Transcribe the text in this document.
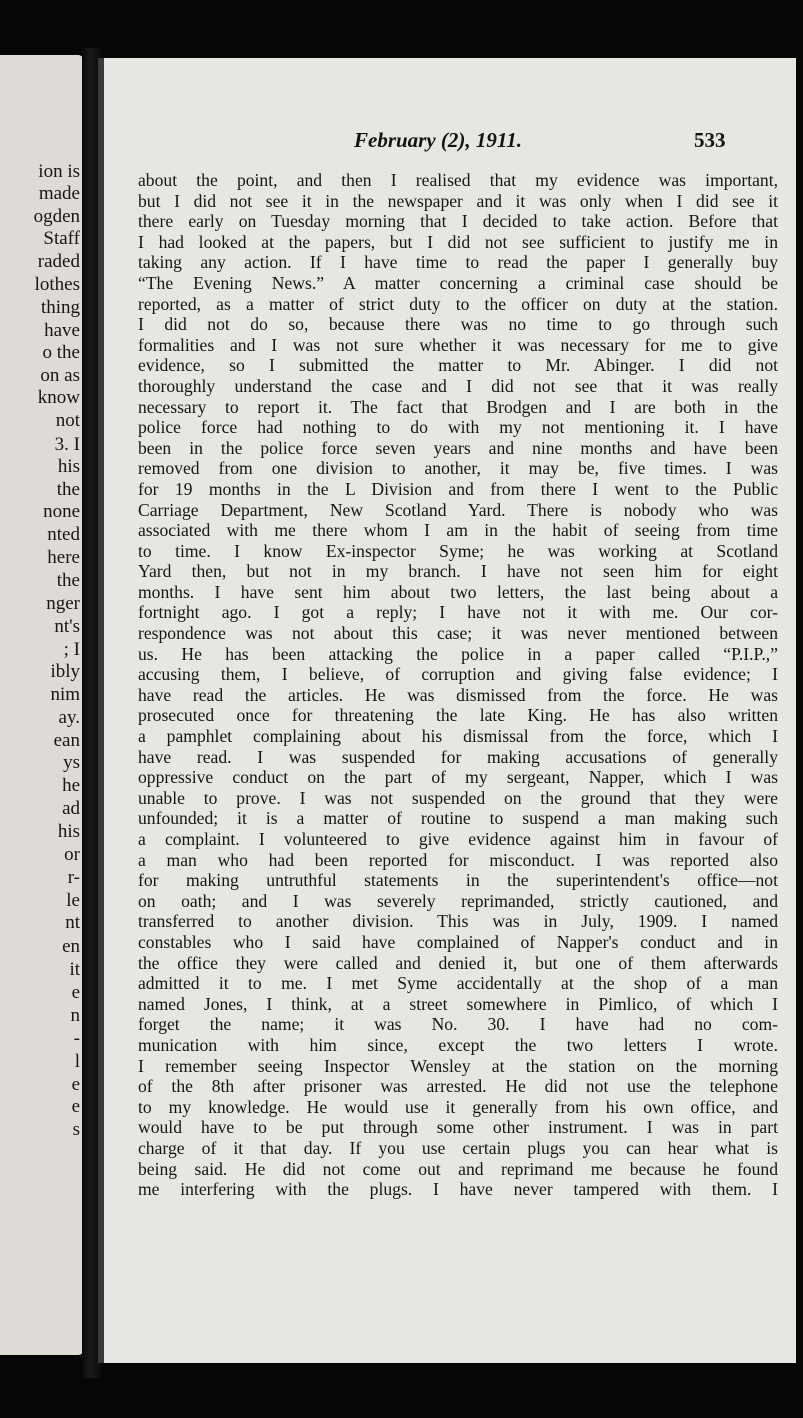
ion is

made

ogden

Staff

raded

lothes

thing

have

o the

on as

know

not

3. I

his

the

none

nted

here

the

nger

nt's

; I

ibly

nim

ay.

ean

ys

he

ad

his

or

r-

le

nt

en

it

e

n

-

l

e

e

s

February (2), 1911.	533

about the point, and then I realised that my evidence was important,

but I did not see it in the newspaper and it was only when I did see it

there early on Tuesday morning that I decided to take action. Before that

I had looked at the papers, but I did not see sufficient to justify me in

taking any action. If I have time to read the paper I generally buy

“The Evening News.” A matter concerning a criminal case should be

reported, as a matter of strict duty to the officer on duty at the station.

I did not do so, because there was no time to go through such

formalities and I was not sure whether it was necessary for me to give

evidence, so I submitted the matter to Mr. Abinger. I did not

thoroughly understand the case and I did not see that it was really

necessary to report it. The fact that Brodgen and I are both in the

police force had nothing to do with my not mentioning it. I have

been in the police force seven years and nine months and have been

removed from one division to another, it may be, five times. I was

for 19 months in the L Division and from there I went to the Public

Carriage Department, New Scotland Yard. There is nobody who was

associated with me there whom I am in the habit of seeing from time

to time. I know Ex-inspector Syme; he was working at Scotland

Yard then, but not in my branch. I have not seen him for eight

months. I have sent him about two letters, the last being about a

fortnight ago. I got a reply; I have not it with me. Our cor-

respondence was not about this case; it was never mentioned between

us. He has been attacking the police in a paper called “P.I.P.,”

accusing them, I believe, of corruption and giving false evidence; I

have read the articles. He was dismissed from the force. He was

prosecuted once for threatening the late King. He has also written

a pamphlet complaining about his dismissal from the force, which I

have read. I was suspended for making accusations of generally

oppressive conduct on the part of my sergeant, Napper, which I was

unable to prove. I was not suspended on the ground that they were

unfounded; it is a matter of routine to suspend a man making such

a complaint. I volunteered to give evidence against him in favour of

a man who had been reported for misconduct. I was reported also

for making untruthful statements in the superintendent's office—not

on oath; and I was severely reprimanded, strictly cautioned, and

transferred to another division. This was in July, 1909. I named

constables who I said have complained of Napper's conduct and in

the office they were called and denied it, but one of them afterwards

admitted it to me. I met Syme accidentally at the shop of a man

named Jones, I think, at a street somewhere in Pimlico, of which I

forget the name; it was No. 30. I have had no com-

munication with him since, except the two letters I wrote.

I remember seeing Inspector Wensley at the station on the morning

of the 8th after prisoner was arrested. He did not use the telephone

to my knowledge. He would use it generally from his own office, and

would have to be put through some other instrument. I was in part

charge of it that day. If you use certain plugs you can hear what is

being said. He did not come out and reprimand me because he found

me interfering with the plugs. I have never tampered with them. I
